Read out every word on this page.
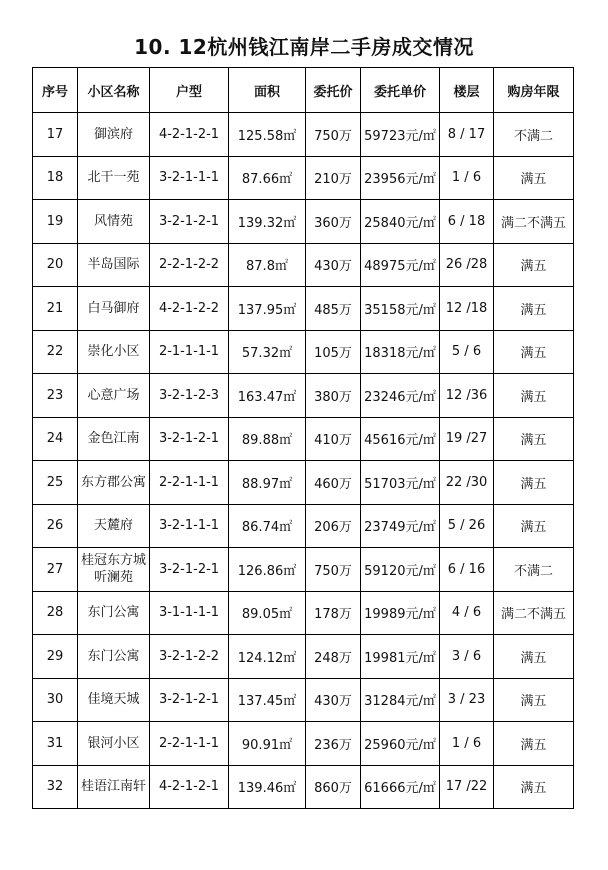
10. 12杭州钱江南岸二手房成交情况
序号	小区名称	户型	面积	委托价	委托单价	楼层	购房年限
17	御滨府	4-2-1-2-1	125.58㎡	750万	59723元/㎡	8 / 17	不满二
18	北干一苑	3-2-1-1-1	87.66㎡	210万	23956元/㎡	1 / 6	满五
19	风情苑	3-2-1-2-1	139.32㎡	360万	25840元/㎡	6 / 18	满二不满五
20	半岛国际	2-2-1-2-2	87.8㎡	430万	48975元/㎡	26 /28	满五
21	白马御府	4-2-1-2-2	137.95㎡	485万	35158元/㎡	12 /18	满五
22	崇化小区	2-1-1-1-1	57.32㎡	105万	18318元/㎡	5 / 6	满五
23	心意广场	3-2-1-2-3	163.47㎡	380万	23246元/㎡	12 /36	满五
24	金色江南	3-2-1-2-1	89.88㎡	410万	45616元/㎡	19 /27	满五
25	东方郡公寓	2-2-1-1-1	88.97㎡	460万	51703元/㎡	22 /30	满五
26	天麓府	3-2-1-1-1	86.74㎡	206万	23749元/㎡	5 / 26	满五
27	桂冠东方城听澜苑	3-2-1-2-1	126.86㎡	750万	59120元/㎡	6 / 16	不满二
28	东门公寓	3-1-1-1-1	89.05㎡	178万	19989元/㎡	4 / 6	满二不满五
29	东门公寓	3-2-1-2-2	124.12㎡	248万	19981元/㎡	3 / 6	满五
30	佳境天城	3-2-1-2-1	137.45㎡	430万	31284元/㎡	3 / 23	满五
31	银河小区	2-2-1-1-1	90.91㎡	236万	25960元/㎡	1 / 6	满五
32	桂语江南轩	4-2-1-2-1	139.46㎡	860万	61666元/㎡	17 /22	满五
